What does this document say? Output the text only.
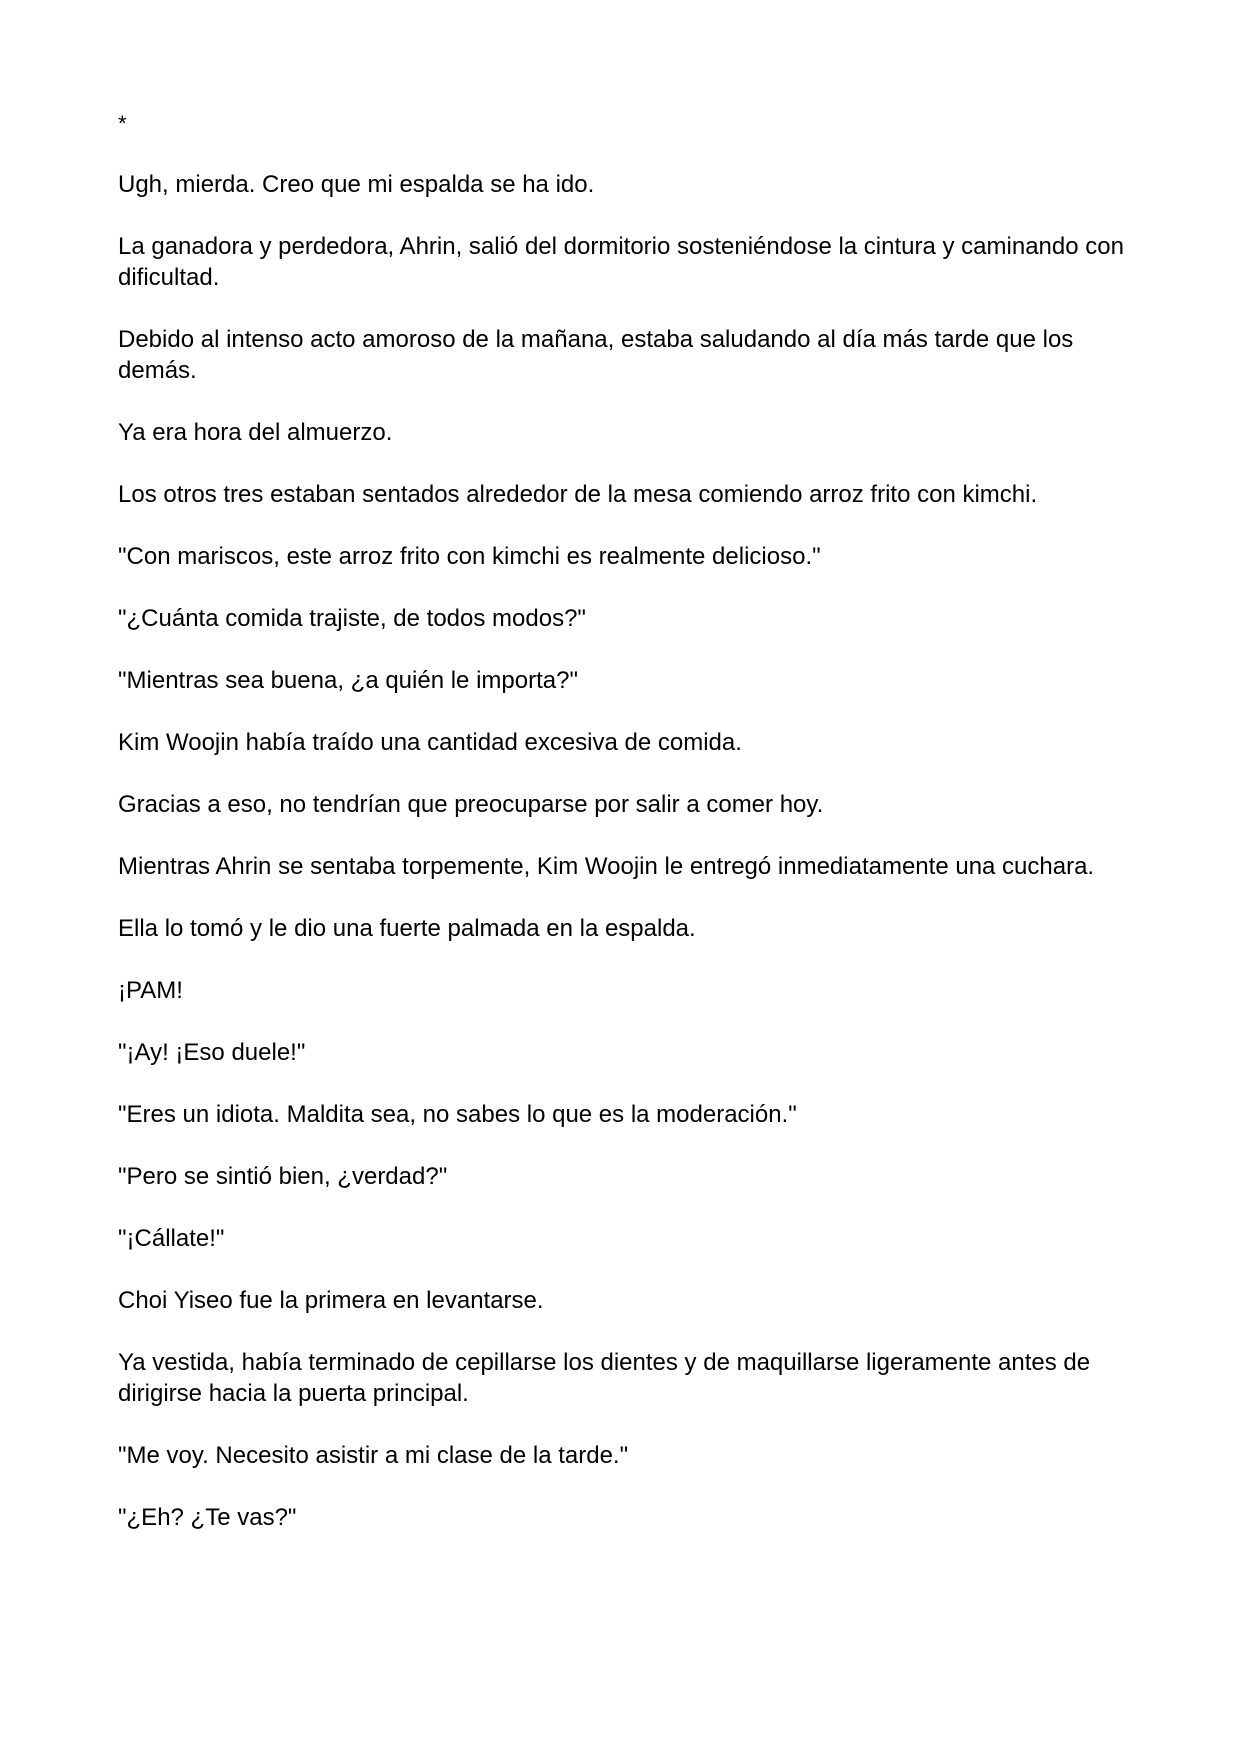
*

Ugh, mierda. Creo que mi espalda se ha ido.

La ganadora y perdedora, Ahrin, salió del dormitorio sosteniéndose la cintura y caminando con dificultad.

Debido al intenso acto amoroso de la mañana, estaba saludando al día más tarde que los demás.

Ya era hora del almuerzo.

Los otros tres estaban sentados alrededor de la mesa comiendo arroz frito con kimchi.

"Con mariscos, este arroz frito con kimchi es realmente delicioso."

"¿Cuánta comida trajiste, de todos modos?"

"Mientras sea buena, ¿a quién le importa?"

Kim Woojin había traído una cantidad excesiva de comida.

Gracias a eso, no tendrían que preocuparse por salir a comer hoy.

Mientras Ahrin se sentaba torpemente, Kim Woojin le entregó inmediatamente una cuchara.

Ella lo tomó y le dio una fuerte palmada en la espalda.

¡PAM!

"¡Ay! ¡Eso duele!"

"Eres un idiota. Maldita sea, no sabes lo que es la moderación."

"Pero se sintió bien, ¿verdad?"

"¡Cállate!"

Choi Yiseo fue la primera en levantarse.

Ya vestida, había terminado de cepillarse los dientes y de maquillarse ligeramente antes de dirigirse hacia la puerta principal.

"Me voy. Necesito asistir a mi clase de la tarde."

"¿Eh? ¿Te vas?"
